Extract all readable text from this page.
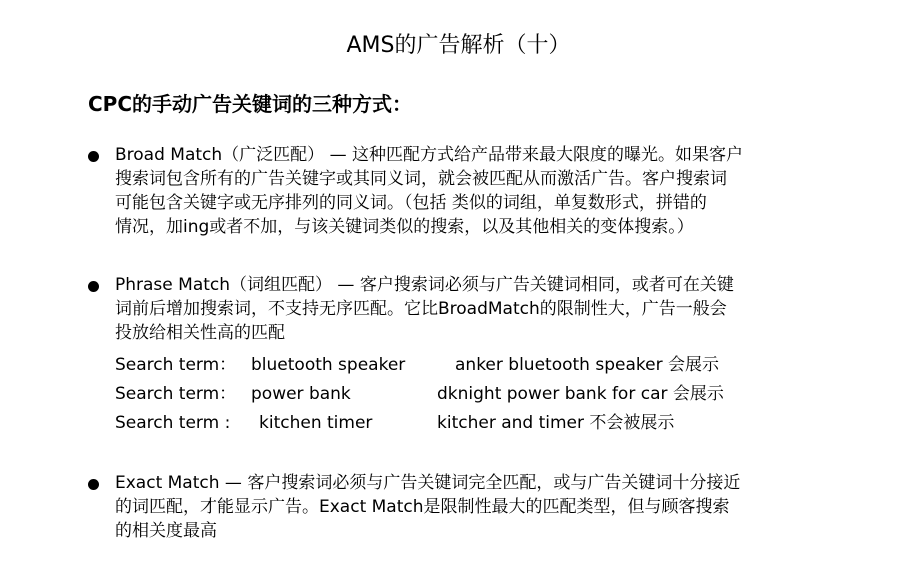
AMS的广告解析（十）
CPC的手动广告关键词的三种方式：
Broad Match（广泛匹配） — 这种匹配方式给产品带来最大限度的曝光。如果客户
搜索词包含所有的广告关键字或其同义词，就会被匹配从而激活广告。客户搜索词
可能包含关键字或无序排列的同义词。（包括 类似的词组，单复数形式，拼错的
情况，加ing或者不加，与该关键词类似的搜索，以及其他相关的变体搜索。）
Phrase Match（词组匹配） — 客户搜索词必须与广告关键词相同，或者可在关键
词前后增加搜索词，不支持无序匹配。它比BroadMatch的限制性大，广告一般会
投放给相关性高的匹配
Search term： bluetooth speaker	anker bluetooth speaker 会展示
Search term： power bank	dknight power bank for car 会展示
Search term : kitchen timer	kitcher and timer 不会被展示
Exact Match — 客户搜索词必须与广告关键词完全匹配，或与广告关键词十分接近
的词匹配，才能显示广告。Exact Match是限制性最大的匹配类型，但与顾客搜索
的相关度最高
